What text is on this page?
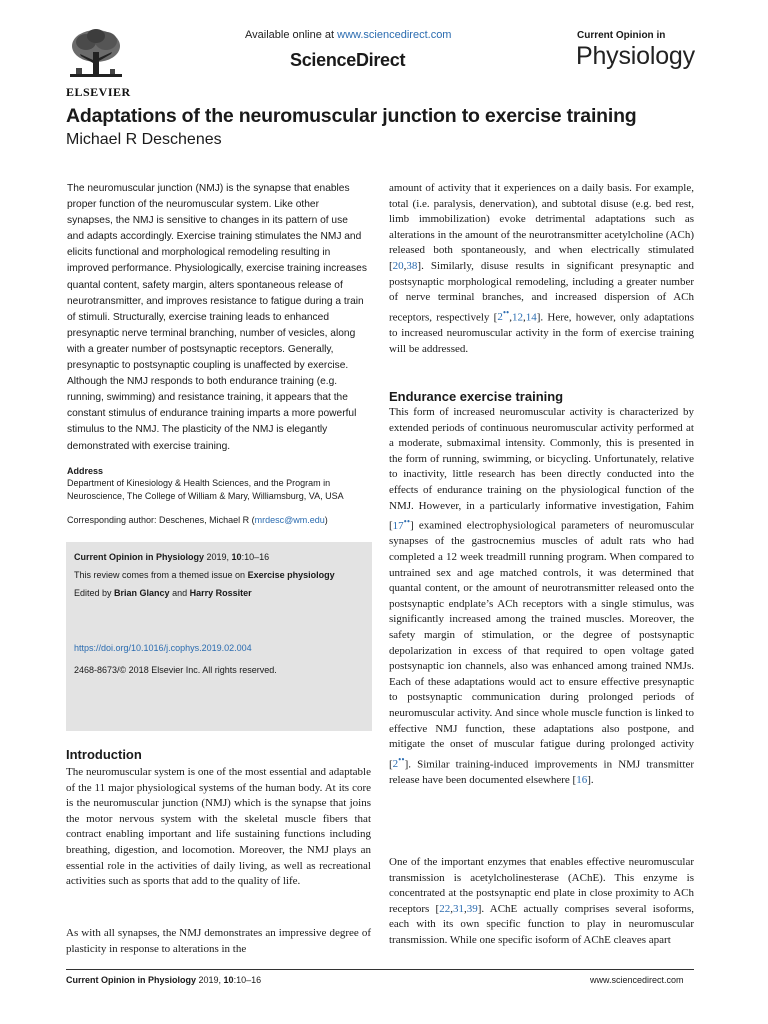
ELSEVIER
Available online at www.sciencedirect.com
ScienceDirect
Current Opinion in
Physiology
Adaptations of the neuromuscular junction to exercise training
Michael R Deschenes
The neuromuscular junction (NMJ) is the synapse that enables proper function of the neuromuscular system. Like other synapses, the NMJ is sensitive to changes in its pattern of use and adapts accordingly. Exercise training stimulates the NMJ and elicits functional and morphological remodeling resulting in improved performance. Physiologically, exercise training increases quantal content, safety margin, alters spontaneous release of neurotransmitter, and improves resistance to fatigue during a train of stimuli. Structurally, exercise training leads to enhanced presynaptic nerve terminal branching, number of vesicles, along with a greater number of postsynaptic receptors. Generally, presynaptic to postsynaptic coupling is unaffected by exercise. Although the NMJ responds to both endurance training (e.g. running, swimming) and resistance training, it appears that the constant stimulus of endurance training imparts a more powerful stimulus to the NMJ. The plasticity of the NMJ is elegantly demonstrated with exercise training.
Address
Department of Kinesiology & Health Sciences, and the Program in Neuroscience, The College of William & Mary, Williamsburg, VA, USA
Corresponding author: Deschenes, Michael R (mrdesc@wm.edu)
Current Opinion in Physiology 2019, 10:10–16
This review comes from a themed issue on Exercise physiology
Edited by Brian Glancy and Harry Rossiter
https://doi.org/10.1016/j.cophys.2019.02.004
2468-8673/© 2018 Elsevier Inc. All rights reserved.
Introduction
The neuromuscular system is one of the most essential and adaptable of the 11 major physiological systems of the human body. At its core is the neuromuscular junction (NMJ) which is the synapse that joins the motor nervous system with the skeletal muscle fibers that contract enabling important and life sustaining functions including breathing, digestion, and locomotion. Moreover, the NMJ plays an essential role in the activities of daily living, as well as recreational activities such as sports that add to the quality of life.
As with all synapses, the NMJ demonstrates an impressive degree of plasticity in response to alterations in the
amount of activity that it experiences on a daily basis. For example, total (i.e. paralysis, denervation), and subtotal disuse (e.g. bed rest, limb immobilization) evoke detrimental adaptations such as alterations in the amount of the neurotransmitter acetylcholine (ACh) released both spontaneously, and when electrically stimulated [20,38]. Similarly, disuse results in significant presynaptic and postsynaptic morphological remodeling, including a greater number of nerve terminal branches, and increased dispersion of ACh receptors, respectively [2••,12,14]. Here, however, only adaptations to increased neuromuscular activity in the form of exercise training will be addressed.
Endurance exercise training
This form of increased neuromuscular activity is characterized by extended periods of continuous neuromuscular activity performed at a moderate, submaximal intensity. Commonly, this is presented in the form of running, swimming, or bicycling. Unfortunately, relative to inactivity, little research has been directly conducted into the effects of endurance training on the physiological function of the NMJ. However, in a particularly informative investigation, Fahim [17••] examined electrophysiological parameters of neuromuscular synapses of the gastrocnemius muscles of adult rats who had completed a 12 week treadmill running program. When compared to untrained sex and age matched controls, it was determined that quantal content, or the amount of neurotransmitter released onto the postsynaptic endplate’s ACh receptors with a single stimulus, was significantly increased among the trained muscles. Moreover, the safety margin of stimulation, or the degree of postsynaptic depolarization in excess of that required to open voltage gated postsynaptic ion channels, also was enhanced among trained NMJs. Each of these adaptations would act to ensure effective presynaptic to postsynaptic communication during prolonged periods of neuromuscular activity. And since whole muscle function is linked to effective NMJ function, these adaptations also postpone, and mitigate the onset of muscular fatigue during prolonged activity [2••]. Similar training-induced improvements in NMJ transmitter release have been documented elsewhere [16].
One of the important enzymes that enables effective neuromuscular transmission is acetylcholinesterase (AChE). This enzyme is concentrated at the postsynaptic end plate in close proximity to ACh receptors [22,31,39]. AChE actually comprises several isoforms, each with its own specific function to play in neuromuscular transmission. While one specific isoform of AChE cleaves apart
Current Opinion in Physiology 2019, 10:10–16	www.sciencedirect.com
